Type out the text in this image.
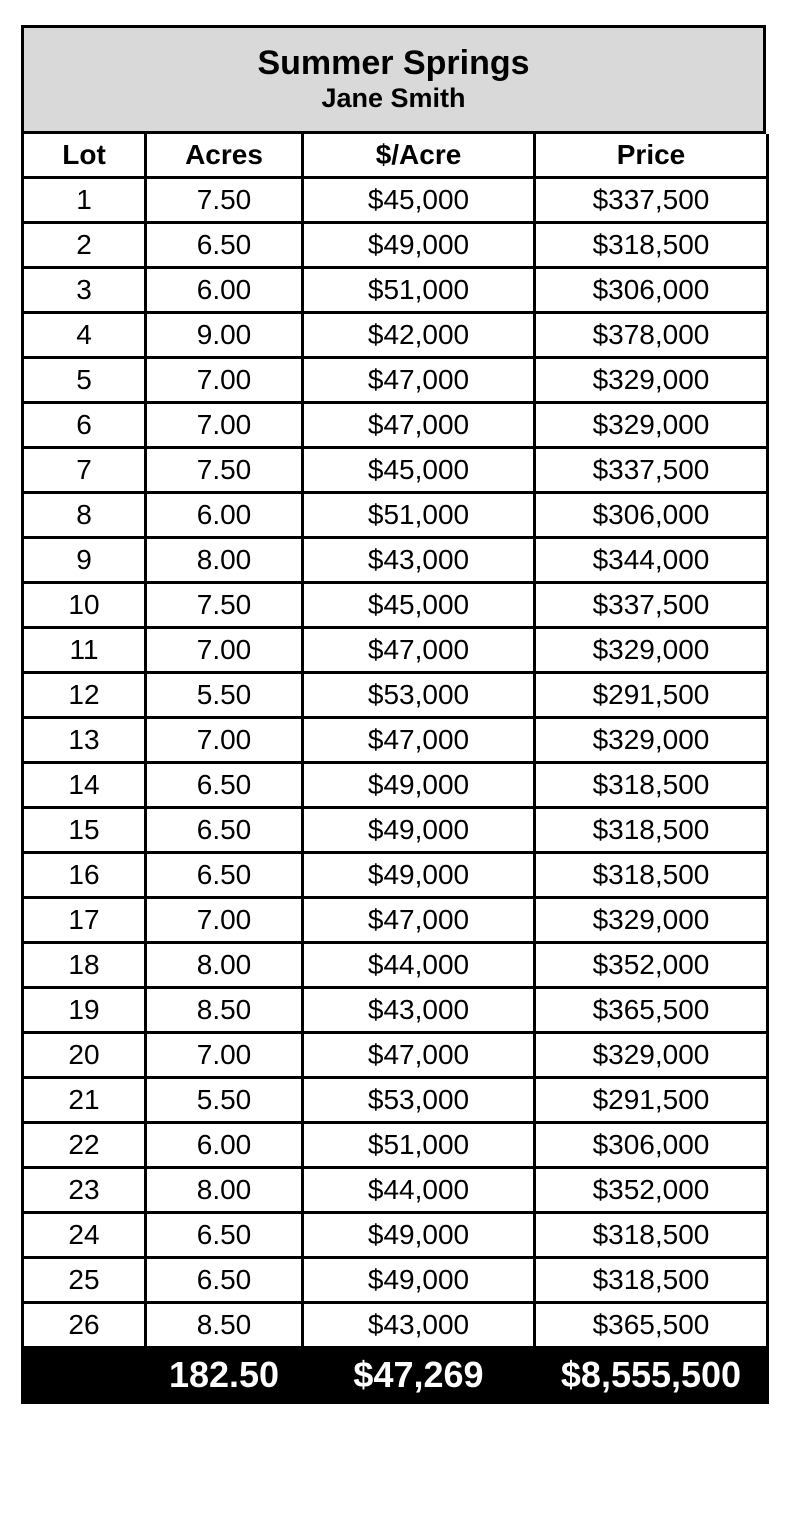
Summer Springs
Jane Smith
Lot	Acres	$/Acre	Price
1	7.50	$45,000	$337,500
2	6.50	$49,000	$318,500
3	6.00	$51,000	$306,000
4	9.00	$42,000	$378,000
5	7.00	$47,000	$329,000
6	7.00	$47,000	$329,000
7	7.50	$45,000	$337,500
8	6.00	$51,000	$306,000
9	8.00	$43,000	$344,000
10	7.50	$45,000	$337,500
11	7.00	$47,000	$329,000
12	5.50	$53,000	$291,500
13	7.00	$47,000	$329,000
14	6.50	$49,000	$318,500
15	6.50	$49,000	$318,500
16	6.50	$49,000	$318,500
17	7.00	$47,000	$329,000
18	8.00	$44,000	$352,000
19	8.50	$43,000	$365,500
20	7.00	$47,000	$329,000
21	5.50	$53,000	$291,500
22	6.00	$51,000	$306,000
23	8.00	$44,000	$352,000
24	6.50	$49,000	$318,500
25	6.50	$49,000	$318,500
26	8.50	$43,000	$365,500
	182.50	$47,269	$8,555,500
